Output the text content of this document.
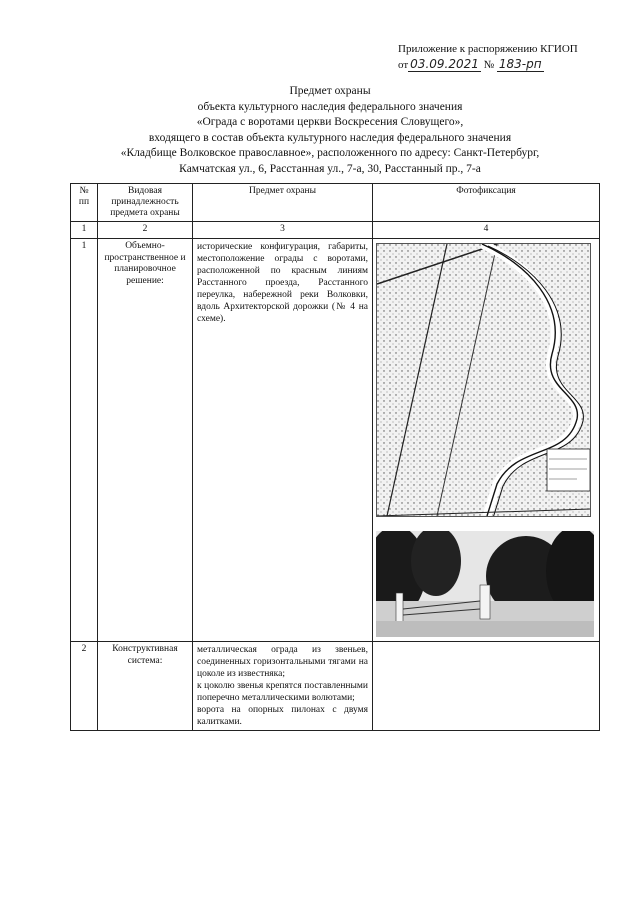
Приложение к распоряжению КГИОП
от 03.09.2021 № 183-рп
Предмет охраны
объекта культурного наследия федерального значения
«Ограда с воротами церкви Воскресения Словущего»,
входящего в состав объекта культурного наследия федерального значения
«Кладбище Волковское православное», расположенного по адресу: Санкт-Петербург,
Камчатская ул., 6, Расстанная ул., 7-а, 30, Расстанный пр., 7-а
№ пп	Видовая принадлежность предмета охраны	Предмет охраны	Фотофиксация
1	2	3	4
1	Объемно-пространственное и планировочное решение:	исторические конфигурация, габариты, местоположение ограды с воротами, расположенной по красным линиям Расстанного проезда, Расстанного переулка, набережной реки Волковки, вдоль Архитекторской дорожки (№ 4 на схеме).	

2	Конструктивная система:	металлическая ограда из звеньев, соединенных горизонтальными тягами на цоколе из известняка;
к цоколю звенья крепятся поставленными поперечно металлическими волютами;
ворота на опорных пилонах с двумя калитками.	
